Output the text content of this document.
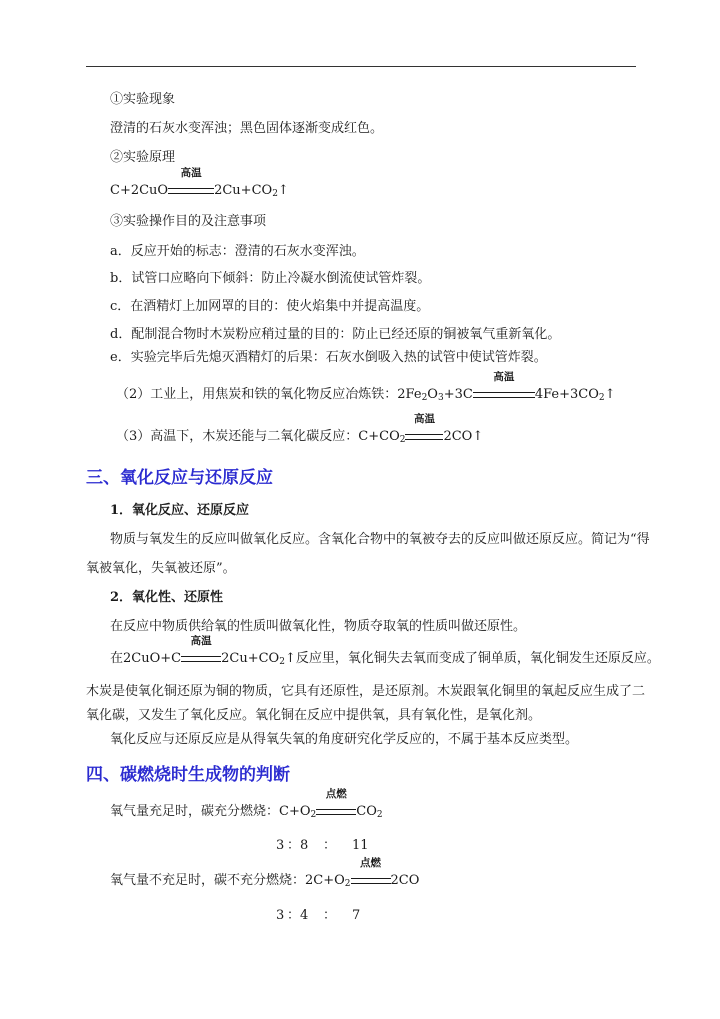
①实验现象
澄清的石灰水变浑浊；黑色固体逐渐变成红色。
②实验原理
C+2CuO
高温
$2Cu+CO_2↑$
③实验操作目的及注意事项
a．反应开始的标志：澄清的石灰水变浑浊。
b．试管口应略向下倾斜：防止冷凝水倒流使试管炸裂。
c．在酒精灯上加网罩的目的：使火焰集中并提高温度。
d．配制混合物时木炭粉应稍过量的目的：防止已经还原的铜被氧气重新氧化。
e．实验完毕后先熄灭酒精灯的后果：石灰水倒吸入热的试管中使试管炸裂。
（2）工业上，用焦炭和铁的氧化物反应冶炼铁：$2Fe_2O_3+3C$
高温
$4Fe+3CO_2↑$
（3）高温下，木炭还能与二氧化碳反应：$C+CO_2$
高温
2CO↑
三、氧化反应与还原反应
1．氧化反应、还原反应
物质与氧发生的反应叫做氧化反应。含氧化合物中的氧被夺去的反应叫做还原反应。简记为“得
氧被氧化，失氧被还原”。
2．氧化性、还原性
在反应中物质供给氧的性质叫做氧化性，物质夺取氧的性质叫做还原性。
在2CuO+C
高温
$2Cu+CO_2↑$反应里，氧化铜失去氧而变成了铜单质，氧化铜发生还原反应。
木炭是使氧化铜还原为铜的物质，它具有还原性，是还原剂。木炭跟氧化铜里的氧起反应生成了二
氧化碳，又发生了氧化反应。氧化铜在反应中提供氧，具有氧化性，是氧化剂。
氧化反应与还原反应是从得氧失氧的角度研究化学反应的，不属于基本反应类型。
四、碳燃烧时生成物的判断
氧气量充足时，碳充分燃烧：$C+O_2$
点燃
$CO_2$
3 ： 8 ： 11
氧气量不充足时，碳不充分燃烧：$2C+O_2$
点燃
2CO
3 ： 4 ： 7
